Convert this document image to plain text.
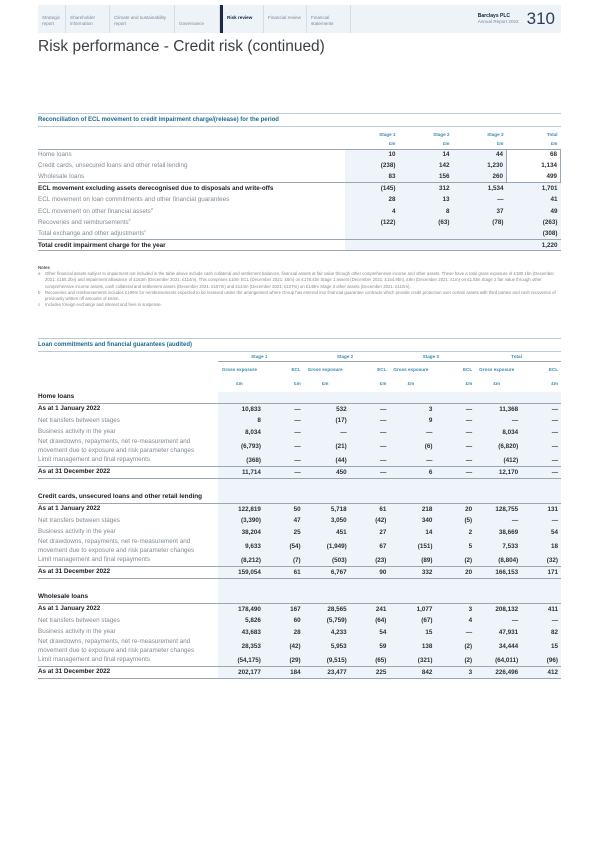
Strategic report
Shareholder information
Climate and sustainability report	Governance
Risk review	Financial review	Financial statements
Barclays PLC
Annual Report 2022 310
Risk performance - Credit risk (continued)
Reconciliation of ECL movement to credit impairment charge/(release) for the period
	Stage 1	Stage 2	Stage 3	Total
	£m	£m	£m	£m
Home loans	10	14	44	68
Credit cards, unsecured loans and other retail lending	(238)	142	1,230	1,134
Wholesale loans	83	156	260	499
ECL movement excluding assets derecognised due to disposals and write-offs	(145)	312	1,534	1,701
ECL movement on loan commitments and other financial guarantees	28	13	—	41
ECL movement on other financial assets$^a$	4	8	37	49
Recoveries and reimbursements$^b$	(122)	(63)	(78)	(263)
Total exchange and other adjustments$^c$				(308)
Total credit impairment charge for the year				1,220
Notes
a	Other financial assets subject to impairment not included in the table above include cash collateral and settlement balances, financial assets at fair value through other comprehensive income and other assets. These have a total gross exposure of £180.1bn (December 2021: £155.2bn) and impairment allowance of £163m (December 2021: £114m). This comprises £10m ECL (December 2021: £6m) on £178.4bn Stage 1 assets (December 2021: £154.9bn), £9m (December 2021: £1m) on £1.5bn Stage 2 fair value through other comprehensive income assets, cash collateral and settlement assets (December 2021: £157m) and £144m (December 2021: £107m) on £149m Stage 3 other assets (December 2021: £110m).
b	Recoveries and reimbursements includes £199m for reimbursements expected to be received under the arrangement where Group has entered into financial guarantee contracts which provide credit protection over certain assets with third parties and cash recoveries of previously written off amounts of £64m.
c	Includes foreign exchange and interest and fees in suspense.
Loan commitments and financial guarantees (audited)
	Stage 1		Stage 2		Stage 3		Total	
	Gross exposure	ECL	Gross exposure	ECL	Gross exposure	ECL	Gross exposure	ECL
	£m	£m	£m	£m	£m	£m	£m	£m
Home loans								
As at 1 January 2022	10,833	—	532	—	3	—	11,368	—
Net transfers between stages	8	—	(17)	—	9	—	—	—
Business activity in the year	8,034	—	—	—	—	—	8,034	—
Net drawdowns, repayments, net re-measurement and movement due to exposure and risk parameter changes	(6,793)	—	(21)	—	(6)	—	(6,820)	—
Limit management and final repayments	(368)	—	(44)	—	—	—	(412)	—
As at 31 December 2022	11,714	—	450	—	6	—	12,170	—

Credit cards, unsecured loans and other retail lending								
As at 1 January 2022	122,819	50	5,718	61	218	20	128,755	131
Net transfers between stages	(3,390)	47	3,050	(42)	340	(5)	—	—
Business activity in the year	38,204	25	451	27	14	2	38,669	54
Net drawdowns, repayments, net re-measurement and movement due to exposure and risk parameter changes	9,633	(54)	(1,949)	67	(151)	5	7,533	18
Limit management and final repayments	(8,212)	(7)	(503)	(23)	(89)	(2)	(8,804)	(32)
As at 31 December 2022	159,054	61	6,767	90	332	20	166,153	171

Wholesale loans								
As at 1 January 2022	178,490	167	28,565	241	1,077	3	208,132	411
Net transfers between stages	5,826	60	(5,759)	(64)	(67)	4	—	—
Business activity in the year	43,683	28	4,233	54	15	—	47,931	82
Net drawdowns, repayments, net re-measurement and movement due to exposure and risk parameter changes	28,353	(42)	5,953	59	138	(2)	34,444	15
Limit management and final repayments	(54,175)	(29)	(9,515)	(65)	(321)	(2)	(64,011)	(96)
As at 31 December 2022	202,177	184	23,477	225	842	3	226,496	412
